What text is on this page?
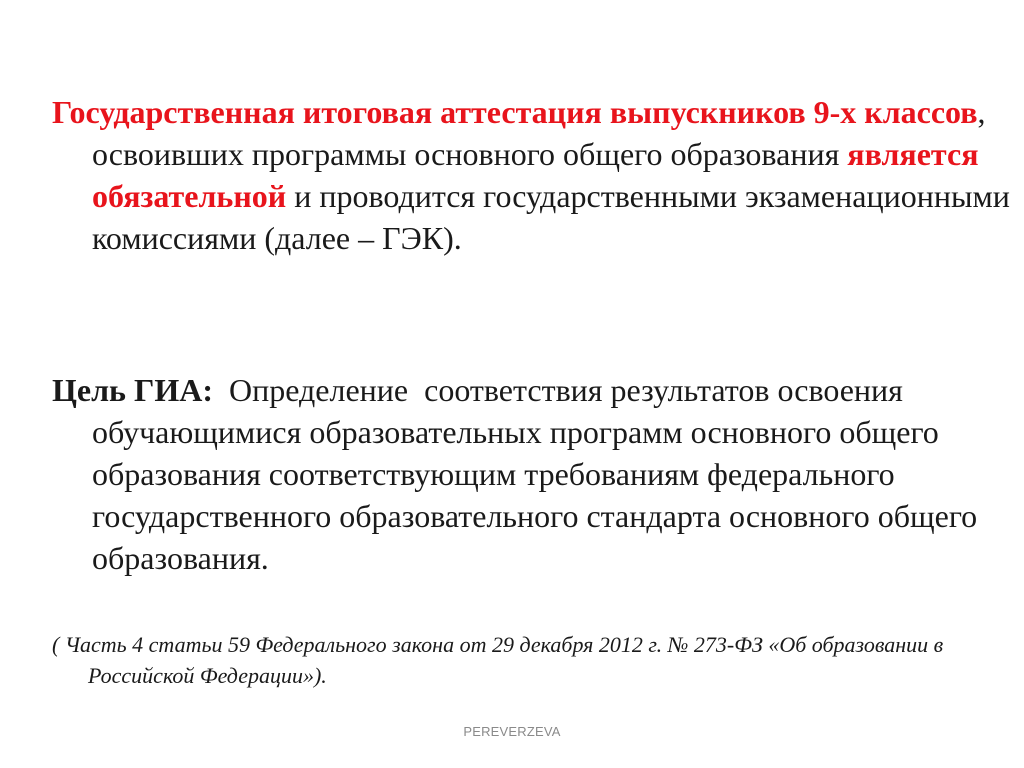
Государственная итоговая аттестация выпускников 9-х классов, освоивших программы основного общего образования является обязательной и проводится государственными экзаменационными комиссиями (далее – ГЭК).

Цель ГИА:  Определение  соответствия результатов освоения обучающимися образовательных программ основного общего образования соответствующим требованиям федерального государственного образовательного стандарта основного общего образования.

( Часть 4 статьи 59 Федерального закона от 29 декабря 2012 г. № 273-ФЗ «Об образовании в Российской Федерации»).

PEREVERZEVA
